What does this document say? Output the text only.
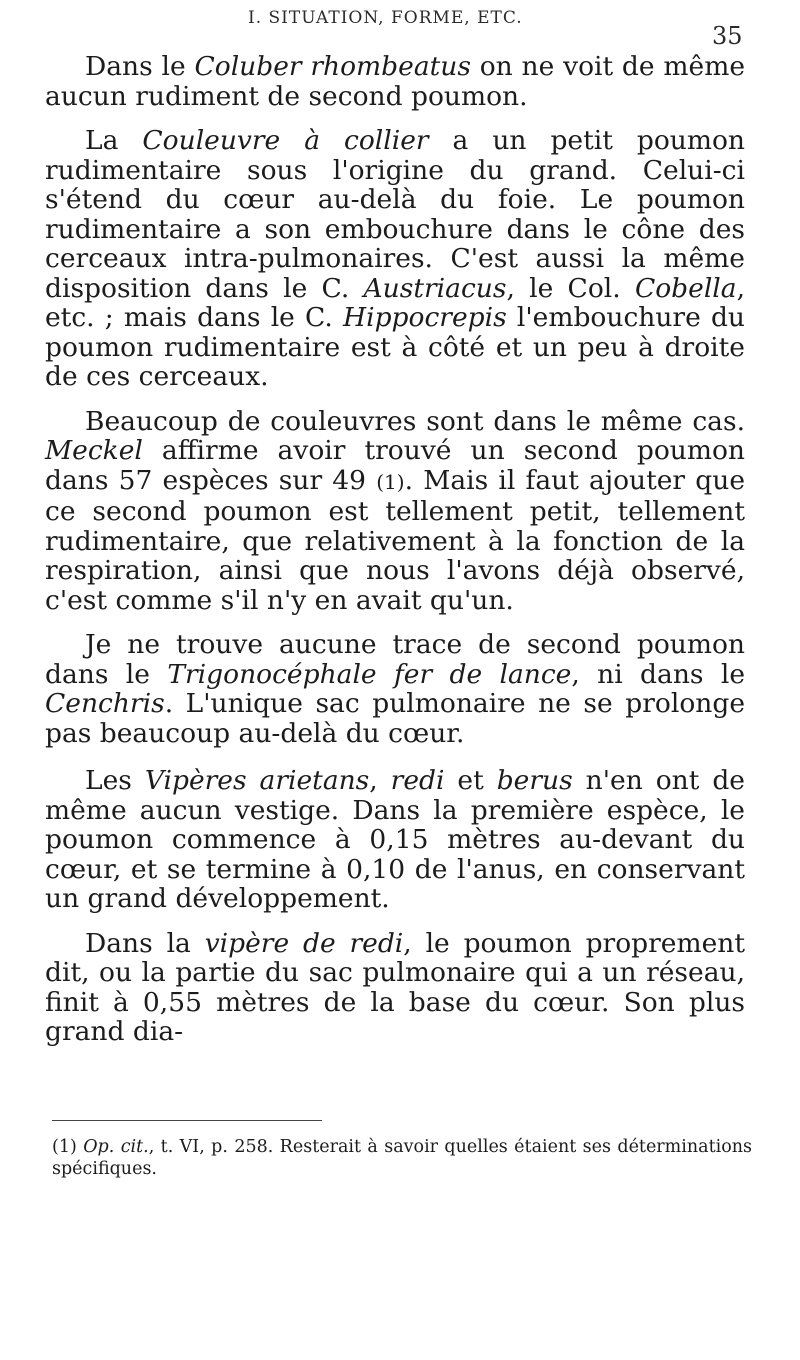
I. SITUATION, FORME, ETC.
35

Dans le Coluber rhombeatus on ne voit de même aucun rudiment de second poumon.

La Couleuvre à collier a un petit poumon rudimentaire sous l'origine du grand. Celui-ci s'étend du cœur au-delà du foie. Le poumon rudimentaire a son embouchure dans le cône des cerceaux intra-pulmonaires. C'est aussi la même disposition dans le C. Austriacus, le Col. Cobella, etc. ; mais dans le C. Hippocrepis l'embouchure du poumon rudimentaire est à côté et un peu à droite de ces cerceaux.

Beaucoup de couleuvres sont dans le même cas. Meckel affirme avoir trouvé un second poumon dans 57 espèces sur 49 (1). Mais il faut ajouter que ce second poumon est tellement petit, tellement rudimentaire, que relativement à la fonction de la respiration, ainsi que nous l'avons déjà observé, c'est comme s'il n'y en avait qu'un.

Je ne trouve aucune trace de second poumon dans le Trigonocéphale fer de lance, ni dans le Cenchris. L'unique sac pulmonaire ne se prolonge pas beaucoup au-delà du cœur.

Les Vipères arietans, redi et berus n'en ont de même aucun vestige. Dans la première espèce, le poumon commence à 0,15 mètres au-devant du cœur, et se termine à 0,10 de l'anus, en conservant un grand développement.

Dans la vipère de redi, le poumon proprement dit, ou la partie du sac pulmonaire qui a un réseau, finit à 0,55 mètres de la base du cœur. Son plus grand dia-

(1) Op. cit., t. VI, p. 258. Resterait à savoir quelles étaient ses déterminations spécifiques.
